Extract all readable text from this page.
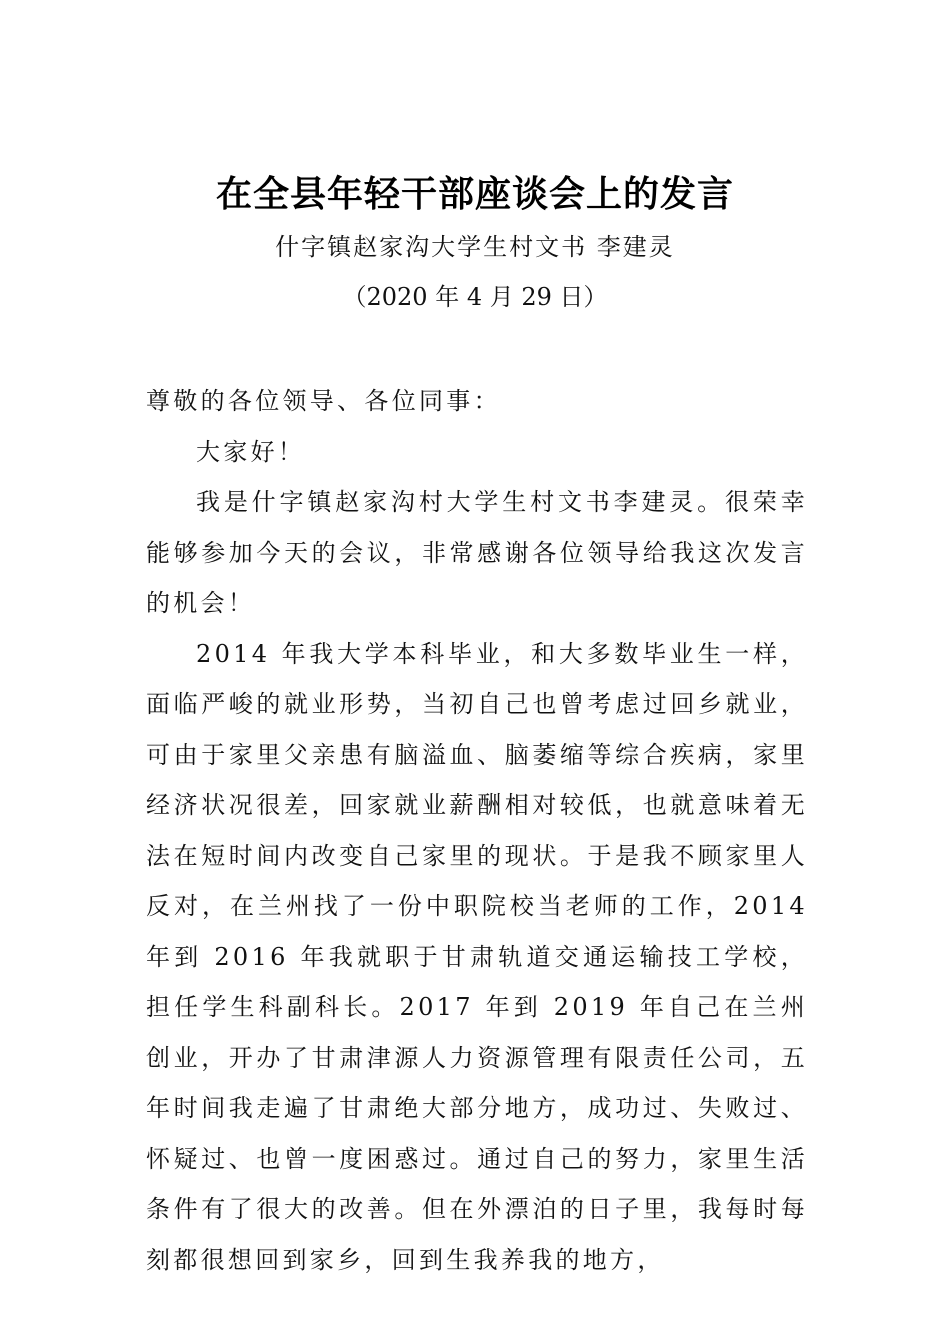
在全县年轻干部座谈会上的发言
什字镇赵家沟大学生村文书 李建灵
（2020 年 4 月 29 日）

尊敬的各位领导、各位同事：

大家好！

我是什字镇赵家沟村大学生村文书李建灵。很荣幸能够参加今天的会议，非常感谢各位领导给我这次发言的机会！

2014 年我大学本科毕业，和大多数毕业生一样，面临严峻的就业形势，当初自己也曾考虑过回乡就业，可由于家里父亲患有脑溢血、脑萎缩等综合疾病，家里经济状况很差，回家就业薪酬相对较低，也就意味着无法在短时间内改变自己家里的现状。于是我不顾家里人反对，在兰州找了一份中职院校当老师的工作，2014 年到 2016 年我就职于甘肃轨道交通运输技工学校，担任学生科副科长。2017 年到 2019 年自己在兰州创业，开办了甘肃津源人力资源管理有限责任公司，五年时间我走遍了甘肃绝大部分地方，成功过、失败过、怀疑过、也曾一度困惑过。通过自己的努力，家里生活条件有了很大的改善。但在外漂泊的日子里，我每时每刻都很想回到家乡，回到生我养我的地方，
